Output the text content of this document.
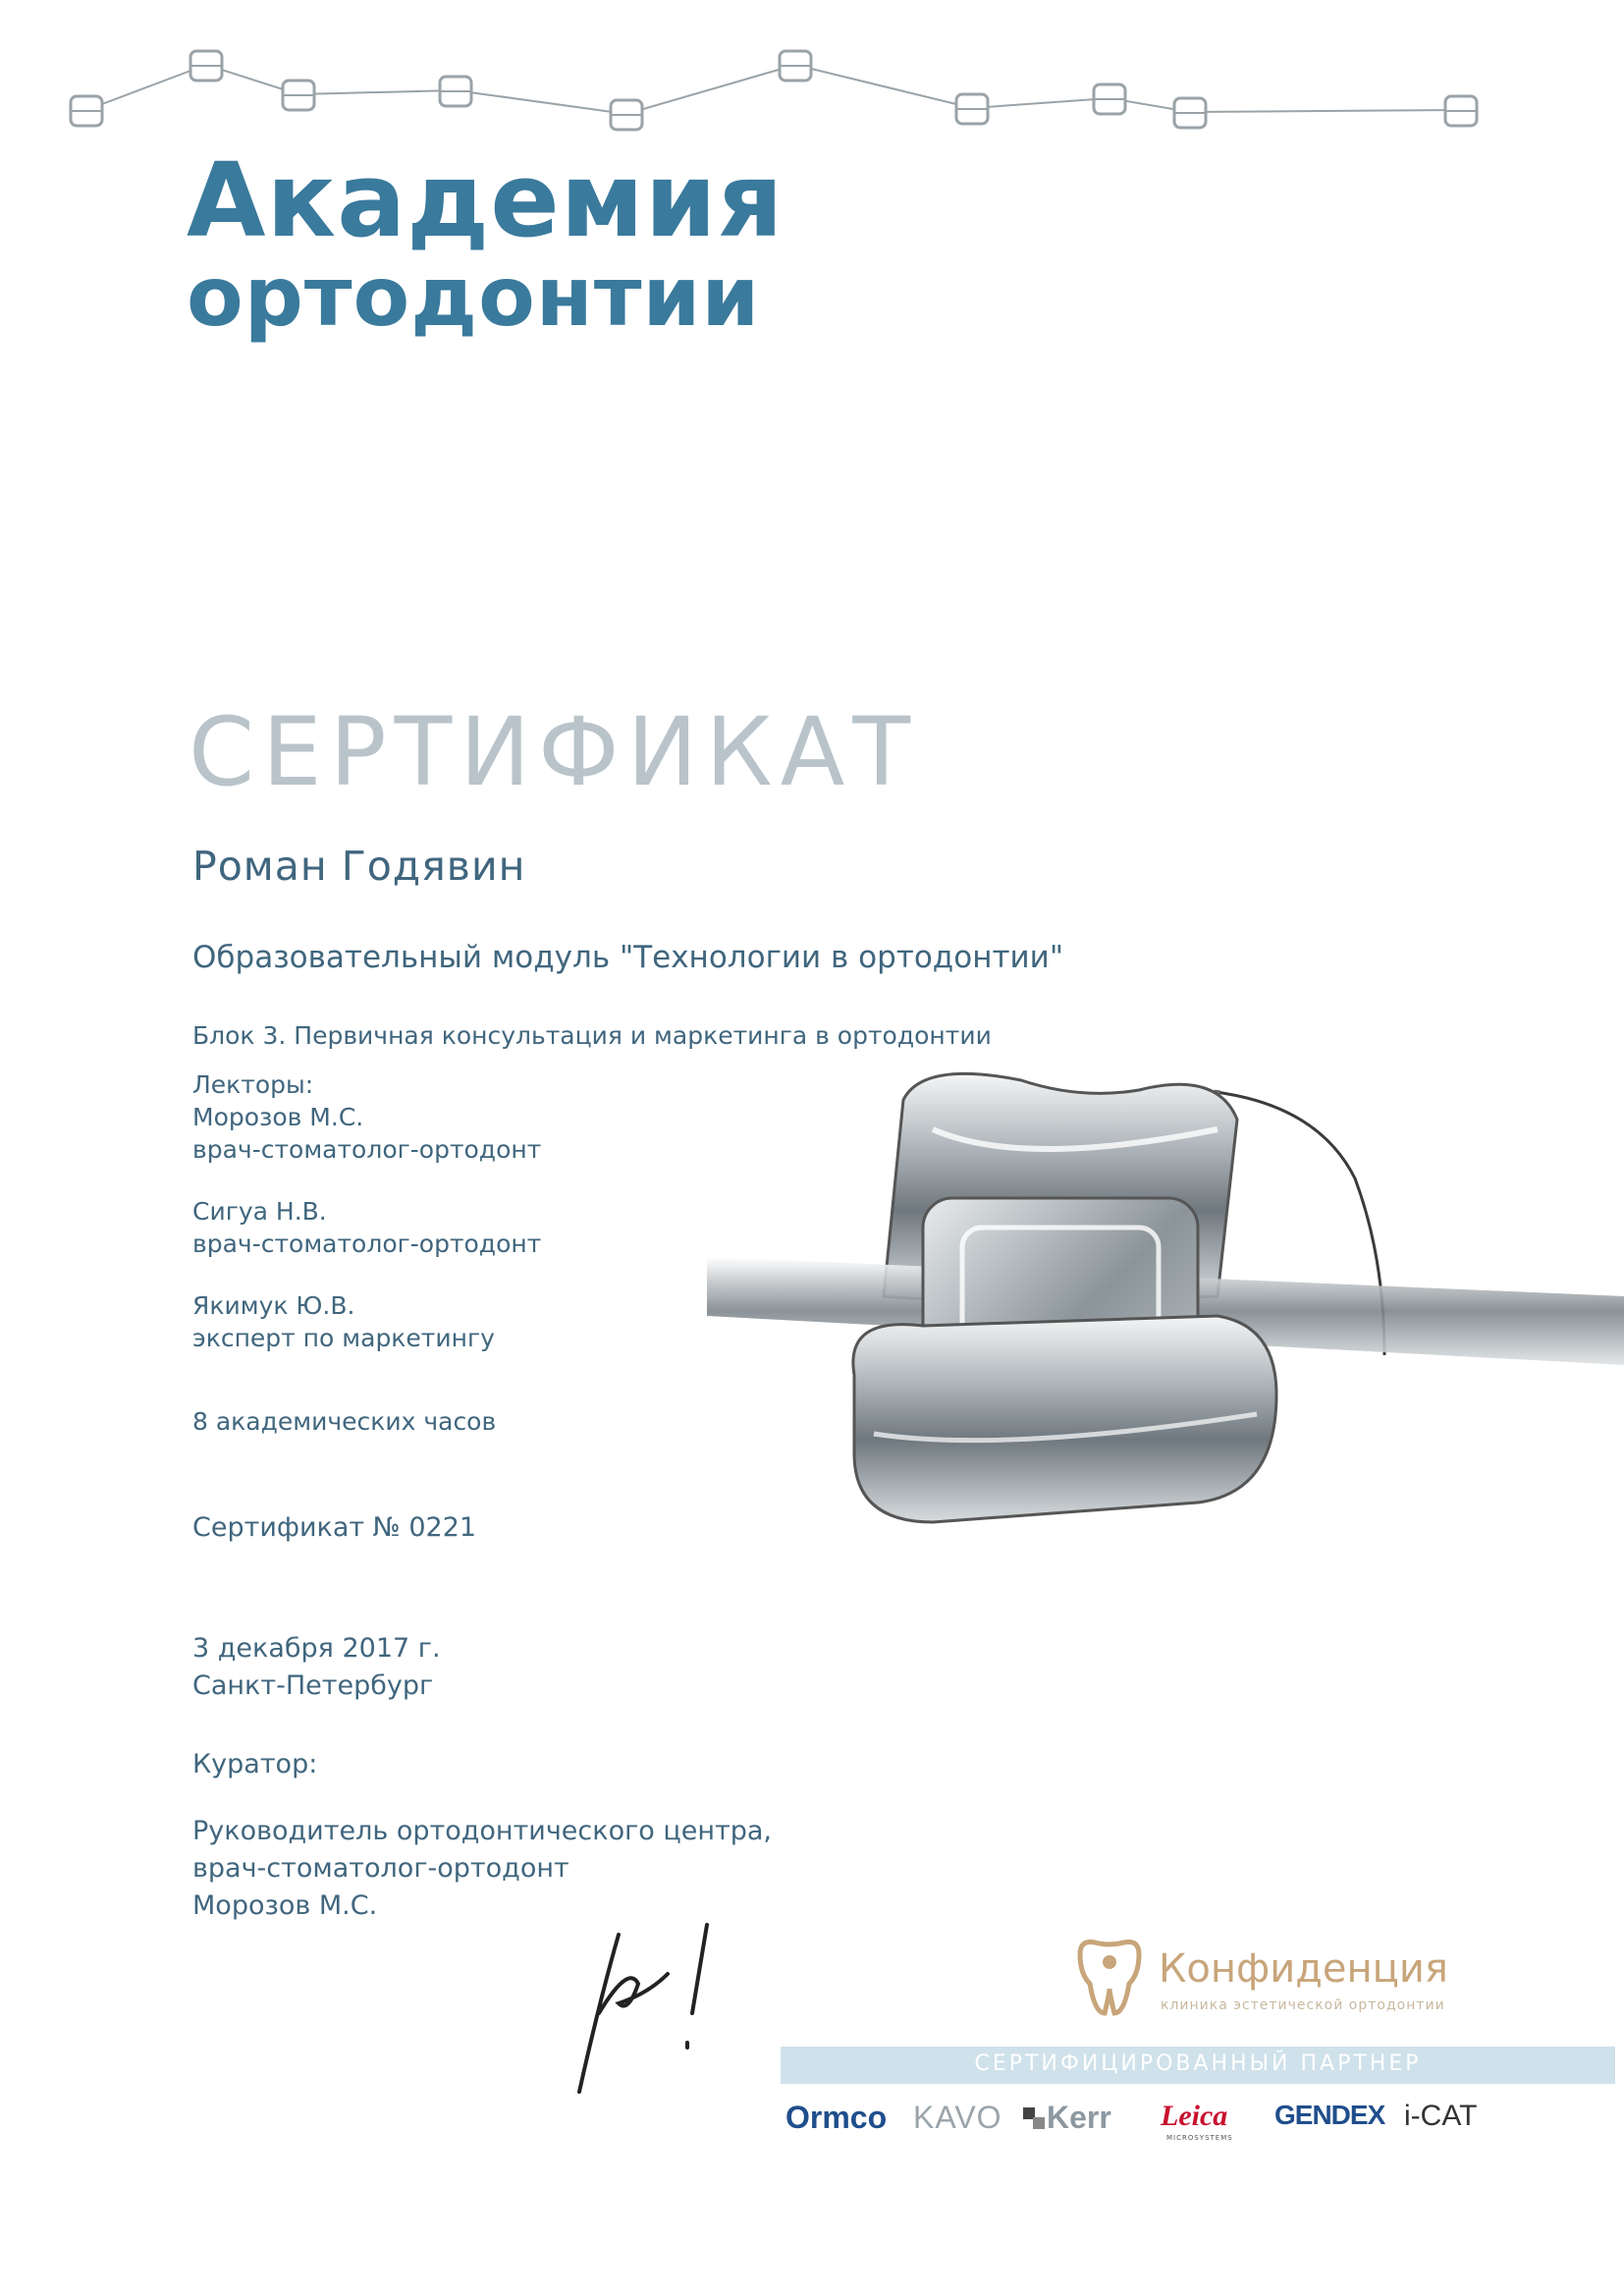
Академия

ортодонтии

СЕРТИФИКАТ

Роман Годявин

Образовательный модуль "Технологии в ортодонтии"

Блок 3. Первичная консультация и маркетинга в ортодонтии

Лекторы:
Морозов М.С.
врач-стоматолог-ортодонт
Сигуа Н.В.
врач-стоматолог-ортодонт
Якимук Ю.В.
эксперт по маркетингу

8 академических часов

Сертификат № 0221

3 декабря 2017 г.
Санкт-Петербург

Куратор:

Руководитель ортодонтического центра,
врач-стоматолог-ортодонт
Морозов М.С.

Конфиденция

клиника эстетической ортодонтии

СЕРТИФИЦИРОВАННЫЙ ПАРТНЕР

Ormco KAVO Kerr Leica

MICROSYSTEMS

GENDEX i-CAT
